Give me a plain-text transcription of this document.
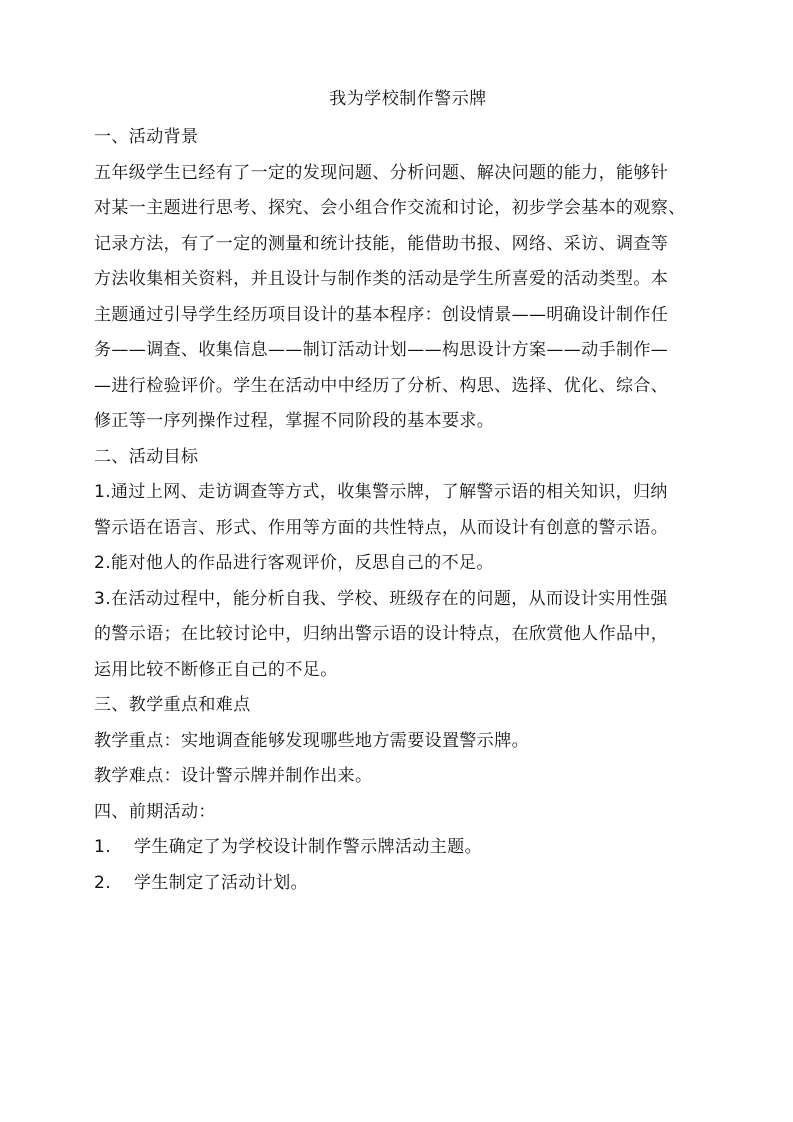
我为学校制作警示牌
一、活动背景
五年级学生已经有了一定的发现问题、分析问题、解决问题的能力，能够针
对某一主题进行思考、探究、会小组合作交流和讨论，初步学会基本的观察、
记录方法，有了一定的测量和统计技能，能借助书报、网络、采访、调查等
方法收集相关资料，并且设计与制作类的活动是学生所喜爱的活动类型。本
主题通过引导学生经历项目设计的基本程序：创设情景——明确设计制作任
务——调查、收集信息——制订活动计划——构思设计方案——动手制作—
—进行检验评价。学生在活动中中经历了分析、构思、选择、优化、综合、
修正等一序列操作过程，掌握不同阶段的基本要求。
二、活动目标
1.通过上网、走访调查等方式，收集警示牌，了解警示语的相关知识，归纳
警示语在语言、形式、作用等方面的共性特点，从而设计有创意的警示语。
2.能对他人的作品进行客观评价，反思自己的不足。
3.在活动过程中，能分析自我、学校、班级存在的问题，从而设计实用性强
的警示语；在比较讨论中，归纳出警示语的设计特点，在欣赏他人作品中，
运用比较不断修正自己的不足。
三、教学重点和难点
教学重点：实地调查能够发现哪些地方需要设置警示牌。
教学难点：设计警示牌并制作出来。
四、前期活动：
1.	学生确定了为学校设计制作警示牌活动主题。
2.	学生制定了活动计划。
